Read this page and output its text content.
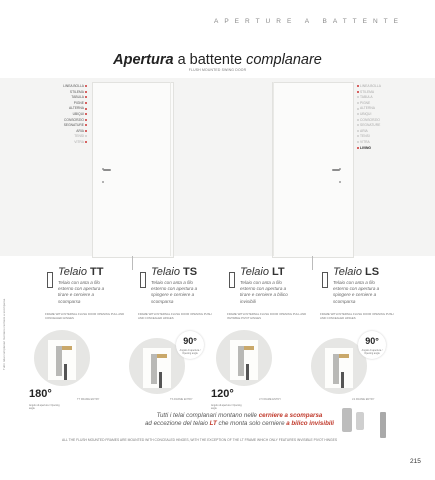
APERTURE A BATTENTE
Apertura a battente complanare
FLUSH MOUNTED SWING DOOR
LINEA BOLLA
STILEMA
TABULA
PIGNE
ALTERNA
UBIQUI
CONSORZIO
SEGNATURE
ARIA
TENSI
VITRA
LINEA BOLLA
STILEMA
TABULA
PIGNE
ALTERNA
UBIQUI
CONSORZIO
SEGNATURE
ARIA
TENSI
VITRA
LIVING
Telaio TT
Telaio con anta a filo esterno con apertura a tirare e cerniere a scomparsa
FRAME WITH INTERNAL FLUSH DOOR OPENING PULL AND CONCEALED HINGES
TT FRAME ENTRY
180°
Angolo di apertura / Opening angle
Telaio TS
Telaio con anta a filo esterno con apertura a spingere e cerniere a scomparsa
FRAME WITH INTERNAL FLUSH DOOR OPENING PUSH AND CONCEALED HINGES
TS FRAME ENTRY
90°
Angolo di apertura / Opening angle
Telaio LT
Telaio con anta a filo esterno con apertura a tirare e cerniere a bilico invisibili
FRAME WITH INTERNAL FLUSH DOOR OPENING PULL AND INVISIBLE PIVOT HINGES
LT FRAME ENTRY
120°
Angolo di apertura / Opening angle
Telaio LS
Telaio con anta a filo esterno con apertura a spingere e cerniere a scomparsa
FRAME WITH INTERNAL FLUSH DOOR OPENING PUSH AND CONCEALED HINGES
LS FRAME ENTRY
90°
Angolo di apertura / Opening angle
Tutti i telai complanari montano cerniere a scomparsa
Tutti i telai complanari montano nelle cerniere a scomparsa
ad eccezione del telaio LT che monta solo cerniere a bilico invisibili
ALL THE FLUSH MOUNTED FRAMES ARE MOUNTED WITH CONCEALED HINGES, WITH THE EXCEPTION OF THE LT FRAME WHICH ONLY FEATURES INVISIBLE PIVOT HINGES
215
